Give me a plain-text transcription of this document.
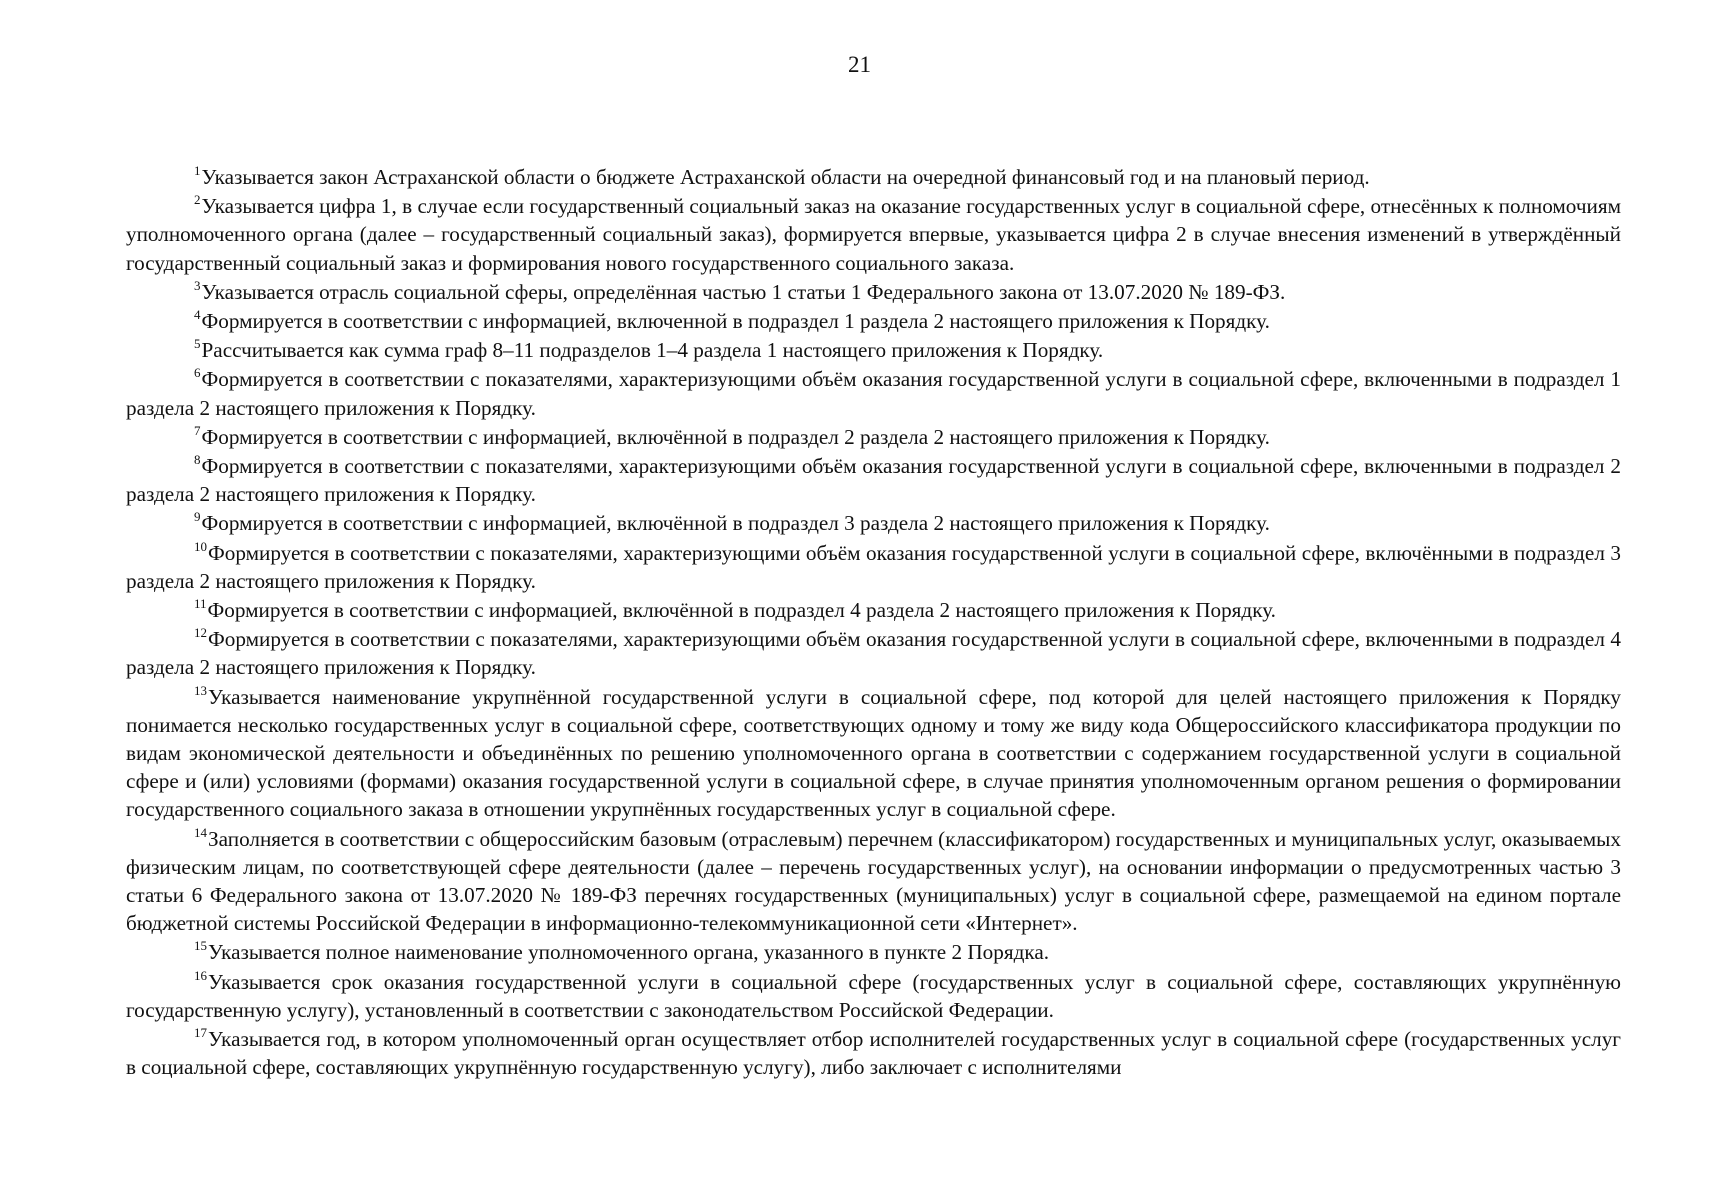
21

$^1$Указывается закон Астраханской области о бюджете Астраханской области на очередной финансовый год и на плановый период.

$^2$Указывается цифра 1, в случае если государственный социальный заказ на оказание государственных услуг в социальной сфере, отнесённых к полномочиям уполномоченного органа (далее – государственный социальный заказ), формируется впервые, указывается цифра 2 в случае внесения изменений в утверждённый государственный социальный заказ и формирования нового государственного социального заказа.

$^3$Указывается отрасль социальной сферы, определённая частью 1 статьи 1 Федерального закона от 13.07.2020 № 189-ФЗ.

$^4$Формируется в соответствии с информацией, включенной в подраздел 1 раздела 2 настоящего приложения к Порядку.

$^5$Рассчитывается как сумма граф 8–11 подразделов 1–4 раздела 1 настоящего приложения к Порядку.

$^6$Формируется в соответствии с показателями, характеризующими объём оказания государственной услуги в социальной сфере, включенными в подраздел 1 раздела 2 настоящего приложения к Порядку.

$^7$Формируется в соответствии с информацией, включённой в подраздел 2 раздела 2 настоящего приложения к Порядку.

$^8$Формируется в соответствии с показателями, характеризующими объём оказания государственной услуги в социальной сфере, включенными в подраздел 2 раздела 2 настоящего приложения к Порядку.

$^9$Формируется в соответствии с информацией, включённой в подраздел 3 раздела 2 настоящего приложения к Порядку.

$^{10}$Формируется в соответствии с показателями, характеризующими объём оказания государственной услуги в социальной сфере, включёнными в подраздел 3 раздела 2 настоящего приложения к Порядку.

$^{11}$Формируется в соответствии с информацией, включённой в подраздел 4 раздела 2 настоящего приложения к Порядку.

$^{12}$Формируется в соответствии с показателями, характеризующими объём оказания государственной услуги в социальной сфере, включенными в подраздел 4 раздела 2 настоящего приложения к Порядку.

$^{13}$Указывается наименование укрупнённой государственной услуги в социальной сфере, под которой для целей настоящего приложения к Порядку понимается несколько государственных услуг в социальной сфере, соответствующих одному и тому же виду кода Общероссийского классификатора продукции по видам экономической деятельности и объединённых по решению уполномоченного органа в соответствии с содержанием государственной услуги в социальной сфере и (или) условиями (формами) оказания государственной услуги в социальной сфере, в случае принятия уполномоченным органом решения о формировании государственного социального заказа в отношении укрупнённых государственных услуг в социальной сфере.

$^{14}$Заполняется в соответствии с общероссийским базовым (отраслевым) перечнем (классификатором) государственных и муниципальных услуг, оказываемых физическим лицам, по соответствующей сфере деятельности (далее – перечень государственных услуг), на основании информации о предусмотренных частью 3 статьи 6 Федерального закона от 13.07.2020 № 189-ФЗ перечнях государственных (муниципальных) услуг в социальной сфере, размещаемой на едином портале бюджетной системы Российской Федерации в информационно-телекоммуникационной сети «Интернет».

$^{15}$Указывается полное наименование уполномоченного органа, указанного в пункте 2 Порядка.

$^{16}$Указывается срок оказания государственной услуги в социальной сфере (государственных услуг в социальной сфере, составляющих укрупнённую государственную услугу), установленный в соответствии с законодательством Российской Федерации.

$^{17}$Указывается год, в котором уполномоченный орган осуществляет отбор исполнителей государственных услуг в социальной сфере (государственных услуг в социальной сфере, составляющих укрупнённую государственную услугу), либо заключает с исполнителями
